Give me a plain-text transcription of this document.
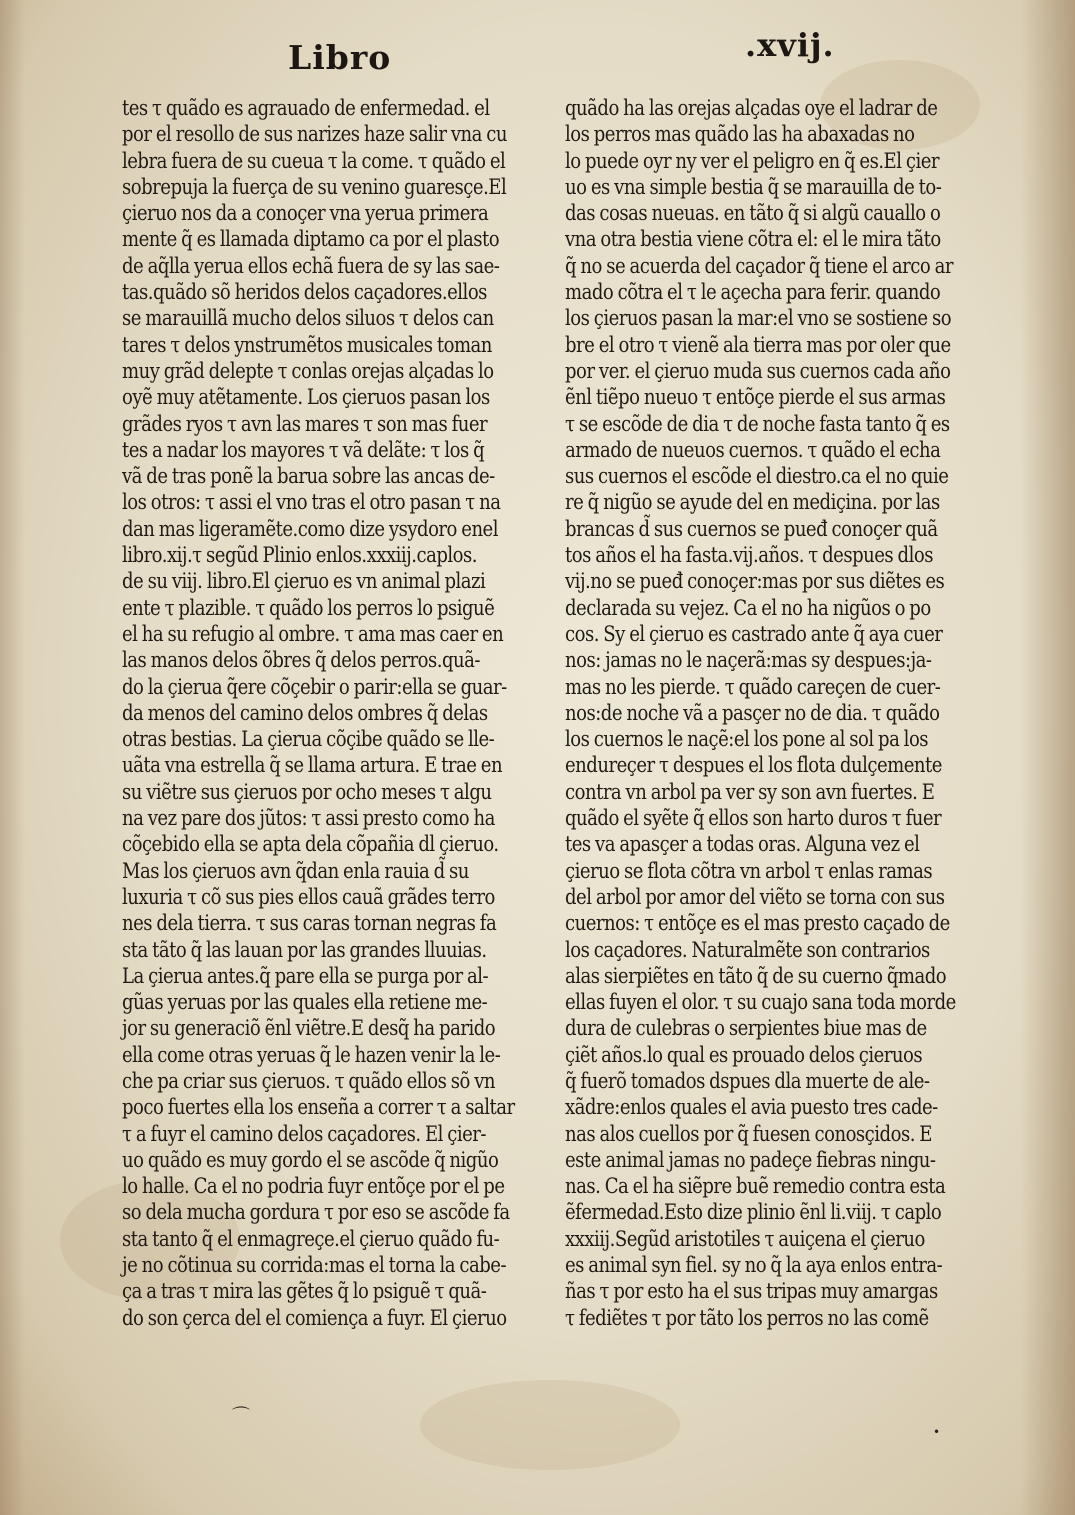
Libro	.xvij.
tes τ quãdo es agrauado de enfermedad. el
por el resollo de sus narizes haze salir vna cu
lebra fuera de su cueua τ la come. τ quãdo el
sobrepuja la fuerça de su venino guaresçe.El
çieruo nos da a conoçer vna yerua primera
mente q̃ es llamada diptamo ca por el plasto
de aq̃lla yerua ellos echã fuera de sy las sae-
tas.quãdo sõ heridos delos caçadores.ellos
se marauillã mucho delos siluos τ delos can
tares τ delos ynstrumẽtos musicales toman
muy grãd delepte τ conlas orejas alçadas lo
oyẽ muy atẽtamente. Los çieruos pasan los
grãdes ryos τ avn las mares τ son mas fuer
tes a nadar los mayores τ vã delãte: τ los q̃
vã de tras ponẽ la barua sobre las ancas de-
los otros: τ assi el vno tras el otro pasan τ na
dan mas ligeramẽte.como dize ysydoro enel
libro.xij.τ segũd Plinio enlos.xxxiij.caplos.
de su viij. libro.El çieruo es vn animal plazi
ente τ plazible. τ quãdo los perros lo psiguẽ
el ha su refugio al ombre. τ ama mas caer en
las manos delos õbres q̃ delos perros.quã-
do la çierua q̃ere cõçebir o parir:ella se guar-
da menos del camino delos ombres q̃ delas
otras bestias. La çierua cõçibe quãdo se lle-
uãta vna estrella q̃ se llama artura. E trae en
su viẽtre sus çieruos por ocho meses τ algu
na vez pare dos jũtos: τ assi presto como ha
cõçebido ella se apta dela cõpañia dl çieruo.
Mas los çieruos avn q̃dan enla rauia d̃ su
luxuria τ cõ sus pies ellos cauã grãdes terro
nes dela tierra. τ sus caras tornan negras fa
sta tãto q̃ las lauan por las grandes lluuias.
La çierua antes.q̃ pare ella se purga por al-
gũas yeruas por las quales ella retiene me-
jor su generaciõ ẽnl viẽtre.E desq̃ ha parido
ella come otras yeruas q̃ le hazen venir la le-
che pa criar sus çieruos. τ quãdo ellos sõ vn
poco fuertes ella los enseña a correr τ a saltar
τ a fuyr el camino delos caçadores. El çier-
uo quãdo es muy gordo el se ascõde q̃ nigũo
lo halle. Ca el no podria fuyr entõçe por el pe
so dela mucha gordura τ por eso se ascõde fa
sta tanto q̃ el enmagreçe.el çieruo quãdo fu-
je no cõtinua su corrida:mas el torna la cabe-
ça a tras τ mira las gẽtes q̃ lo psiguẽ τ quã-
do son çerca del el comiença a fuyr. El çieruo
quãdo ha las orejas alçadas oye el ladrar de
los perros mas quãdo las ha abaxadas no
lo puede oyr ny ver el peligro en q̃ es.El çier
uo es vna simple bestia q̃ se marauilla de to-
das cosas nueuas. en tãto q̃ si algũ cauallo o
vna otra bestia viene cõtra el: el le mira tãto
q̃ no se acuerda del caçador q̃ tiene el arco ar
mado cõtra el τ le açecha para ferir. quando
los çieruos pasan la mar:el vno se sostiene so
bre el otro τ vienẽ ala tierra mas por oler que
por ver. el çieruo muda sus cuernos cada año
ẽnl tiẽpo nueuo τ entõçe pierde el sus armas
τ se escõde de dia τ de noche fasta tanto q̃ es
armado de nueuos cuernos. τ quãdo el echa
sus cuernos el escõde el diestro.ca el no quie
re q̃ nigũo se ayude del en mediçina. por las
brancas d̃ sus cuernos se pueđ conoçer quã
tos años el ha fasta.vij.años. τ despues dlos
vij.no se pueđ conoçer:mas por sus diẽtes es
declarada su vejez. Ca el no ha nigũos o po
cos. Sy el çieruo es castrado ante q̃ aya cuer
nos: jamas no le naçerã:mas sy despues:ja-
mas no les pierde. τ quãdo careçen de cuer-
nos:de noche vã a pasçer no de dia. τ quãdo
los cuernos le naçẽ:el los pone al sol pa los
endureçer τ despues el los flota dulçemente
contra vn arbol pa ver sy son avn fuertes. E
quãdo el syẽte q̃ ellos son harto duros τ fuer
tes va apasçer a todas oras. Alguna vez el
çieruo se flota cõtra vn arbol τ enlas ramas
del arbol por amor del viẽto se torna con sus
cuernos: τ entõçe es el mas presto caçado de
los caçadores. Naturalmẽte son contrarios
alas sierpiẽtes en tãto q̃ de su cuerno q̃mado
ellas fuyen el olor. τ su cuajo sana toda morde
dura de culebras o serpientes biue mas de
çiẽt años.lo qual es prouado delos çieruos
q̃ fuerõ tomados dspues dla muerte de ale-
xãdre:enlos quales el avia puesto tres cade-
nas alos cuellos por q̃ fuesen conosçidos. E
este animal jamas no padeçe fiebras ningu-
nas. Ca el ha siẽpre buẽ remedio contra esta
ẽfermedad.Esto dize plinio ẽnl li.viij. τ caplo
xxxiij.Segũd aristotiles τ auiçena el çieruo
es animal syn fiel. sy no q̃ la aya enlos entra-
ñas τ por esto ha el sus tripas muy amargas
τ fediẽtes τ por tãto los perros no las comẽ
⌒
•
